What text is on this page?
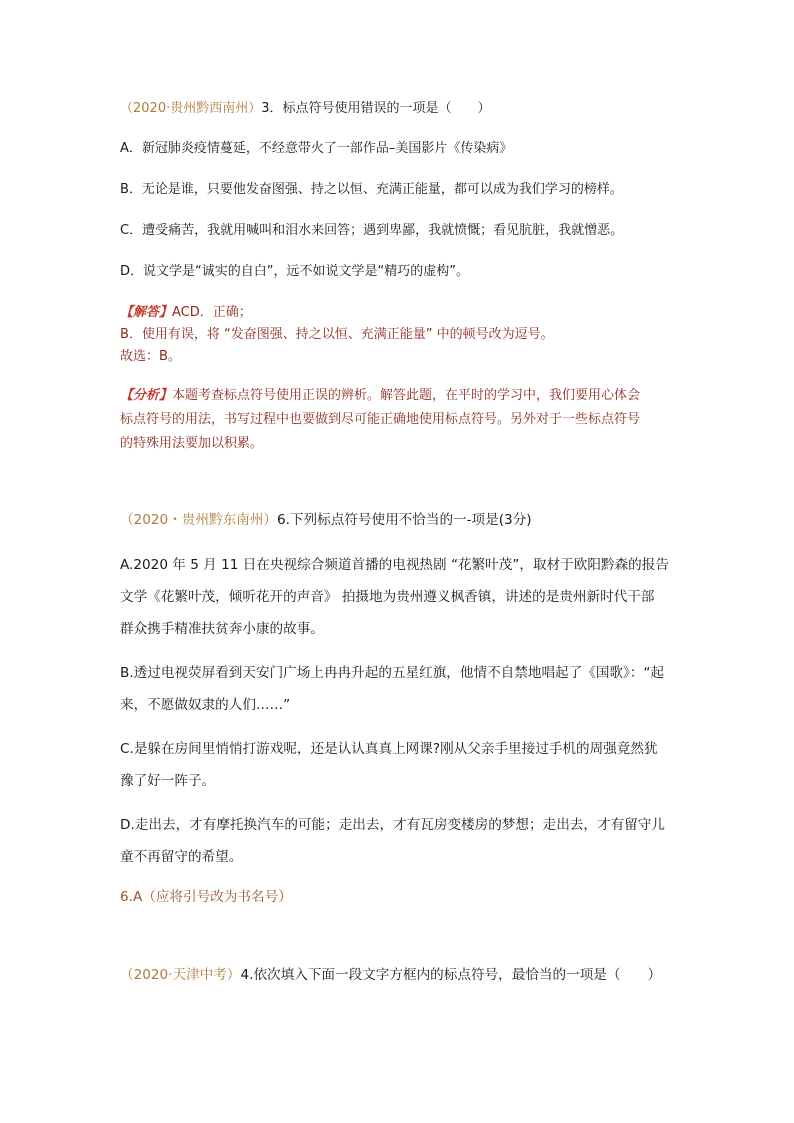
（2020·贵州黔西南州）3．标点符号使用错误的一项是（　　）

A．新冠肺炎疫情蔓延，不经意带火了一部作品–美国影片《传染病》

B．无论是谁，只要他发奋图强、持之以恒、充满正能量，都可以成为我们学习的榜样。

C．遭受痛苦，我就用喊叫和泪水来回答；遇到卑鄙，我就愤慨；看见肮脏，我就憎恶。

D．说文学是“诚实的自白”，远不如说文学是“精巧的虚构”。

【解答】ACD．正确；

B．使用有误，将 “发奋图强、持之以恒、充满正能量” 中的顿号改为逗号。

故选：B。

【分析】本题考查标点符号使用正误的辨析。解答此题，在平时的学习中，我们要用心体会

标点符号的用法，书写过程中也要做到尽可能正确地使用标点符号。另外对于一些标点符号

的特殊用法要加以积累。

（2020・贵州黔东南州）6.下列标点符号使用不恰当的一-项是(3分)

A.2020 年 5 月 11 日在央视综合频道首播的电视热剧 “花繁叶茂”，取材于欧阳黔森的报告

文学《花繁叶茂，倾听花开的声音》 拍摄地为贵州遵义枫香镇，讲述的是贵州新时代干部

群众携手精准扶贫奔小康的故事。

B.透过电视荧屏看到天安门广场上冉冉升起的五星红旗，他情不自禁地唱起了《国歌》：“起

来，不愿做奴隶的人们……”

C.是躲在房间里悄悄打游戏呢，还是认认真真上网课?刚从父亲手里接过手机的周强竟然犹

豫了好一阵子。

D.走出去，才有摩托换汽车的可能；走出去，才有瓦房变楼房的梦想；走出去，才有留守儿

童不再留守的希望。

6.A（应将引号改为书名号）

（2020·天津中考）4.依次填入下面一段文字方框内的标点符号，最恰当的一项是（　　）
